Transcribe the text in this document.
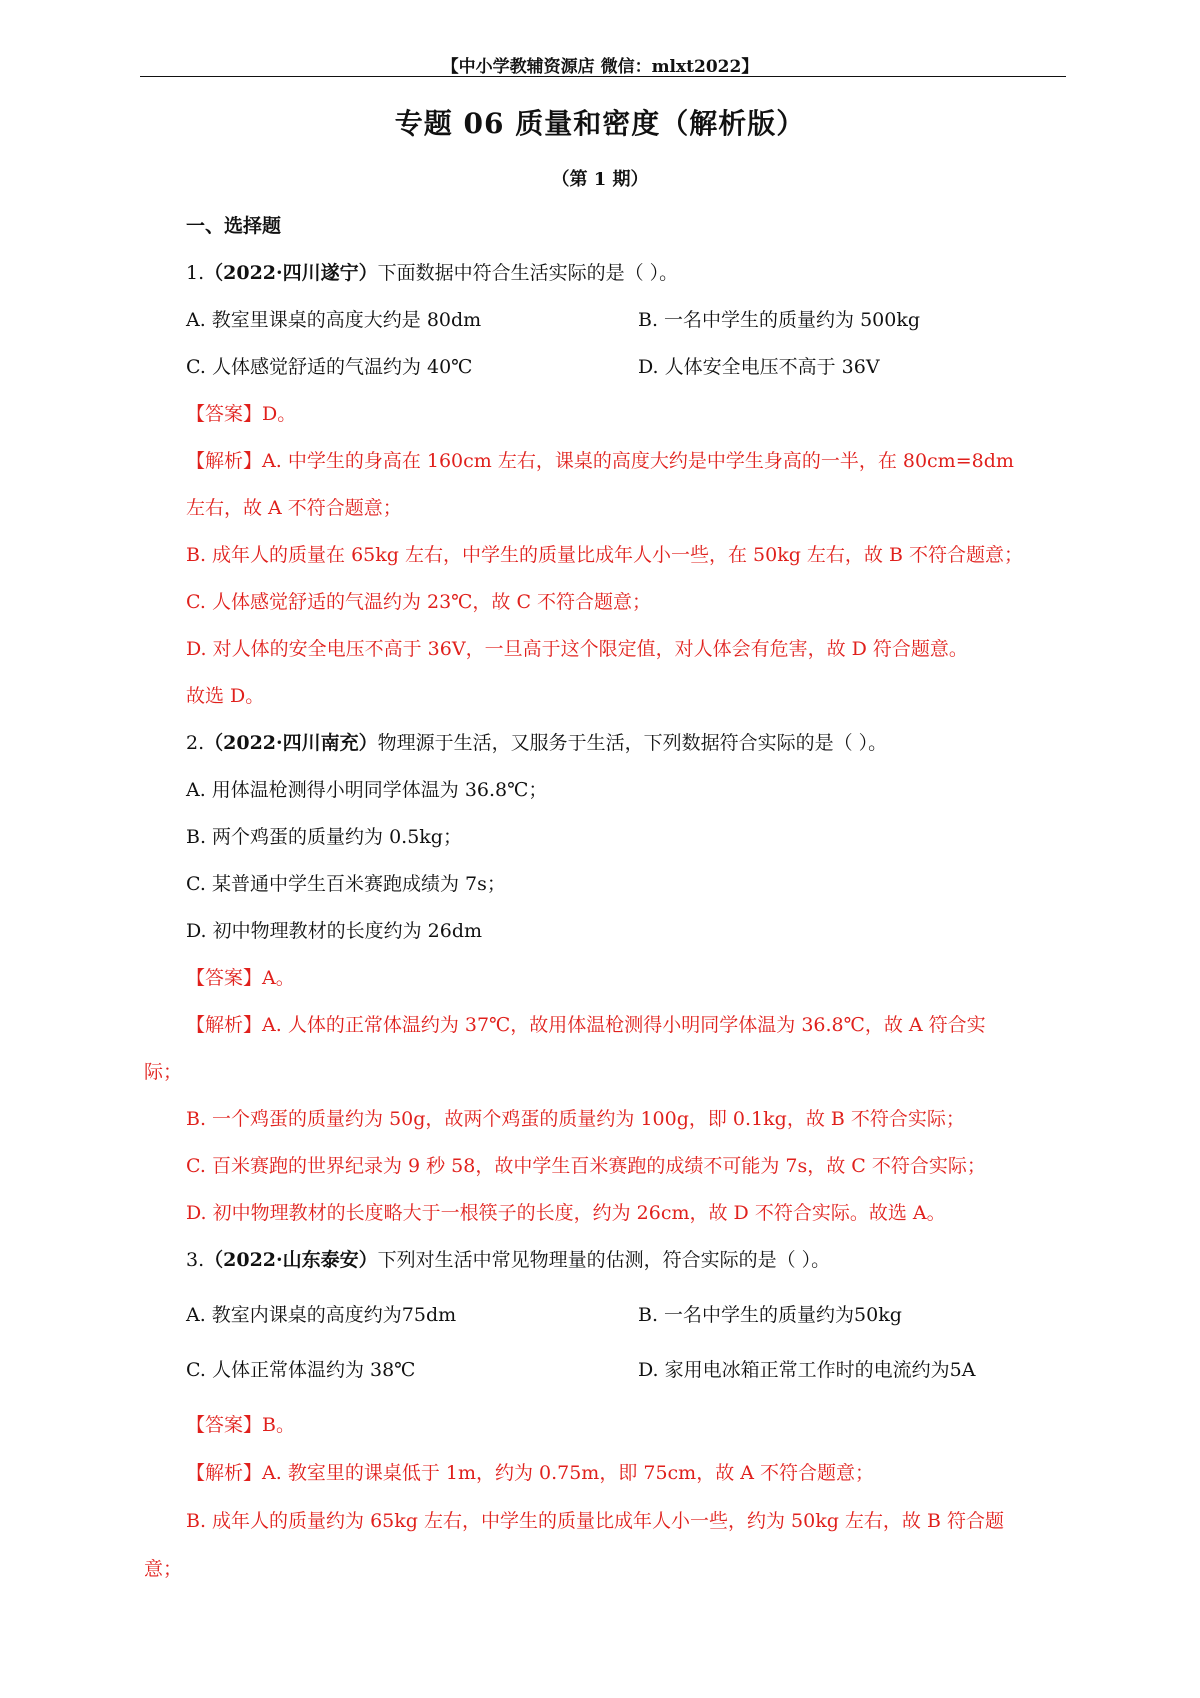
【中小学教辅资源店 微信：mlxt2022】
专题 06 质量和密度（解析版）
（第 1 期）
一、选择题
1.（2022·四川遂宁）下面数据中符合生活实际的是（ ）。
A. 教室里课桌的高度大约是 80dm	B. 一名中学生的质量约为 500kg
C. 人体感觉舒适的气温约为 40℃	D. 人体安全电压不高于 36V
【答案】D。
【解析】A. 中学生的身高在 160cm 左右，课桌的高度大约是中学生身高的一半，在 80cm=8dm
左右，故 A 不符合题意；
B. 成年人的质量在 65kg 左右，中学生的质量比成年人小一些，在 50kg 左右，故 B 不符合题意；
C. 人体感觉舒适的气温约为 23℃，故 C 不符合题意；
D. 对人体的安全电压不高于 36V，一旦高于这个限定值，对人体会有危害，故 D 符合题意。
故选 D。
2.（2022·四川南充）物理源于生活，又服务于生活，下列数据符合实际的是（ ）。
A. 用体温枪测得小明同学体温为 36.8℃；
B. 两个鸡蛋的质量约为 0.5kg；
C. 某普通中学生百米赛跑成绩为 7s；
D. 初中物理教材的长度约为 26dm
【答案】A。
【解析】A. 人体的正常体温约为 37℃，故用体温枪测得小明同学体温为 36.8℃，故 A 符合实
际；
B. 一个鸡蛋的质量约为 50g，故两个鸡蛋的质量约为 100g，即 0.1kg，故 B 不符合实际；
C. 百米赛跑的世界纪录为 9 秒 58，故中学生百米赛跑的成绩不可能为 7s，故 C 不符合实际；
D. 初中物理教材的长度略大于一根筷子的长度，约为 26cm，故 D 不符合实际。故选 A。
3.（2022·山东泰安）下列对生活中常见物理量的估测，符合实际的是（ ）。
A. 教室内课桌的高度约为75dm	B. 一名中学生的质量约为50kg
C. 人体正常体温约为 38℃	D. 家用电冰箱正常工作时的电流约为5A
【答案】B。
【解析】A. 教室里的课桌低于 1m，约为 0.75m，即 75cm，故 A 不符合题意；
B. 成年人的质量约为 65kg 左右，中学生的质量比成年人小一些，约为 50kg 左右，故 B 符合题
意；
